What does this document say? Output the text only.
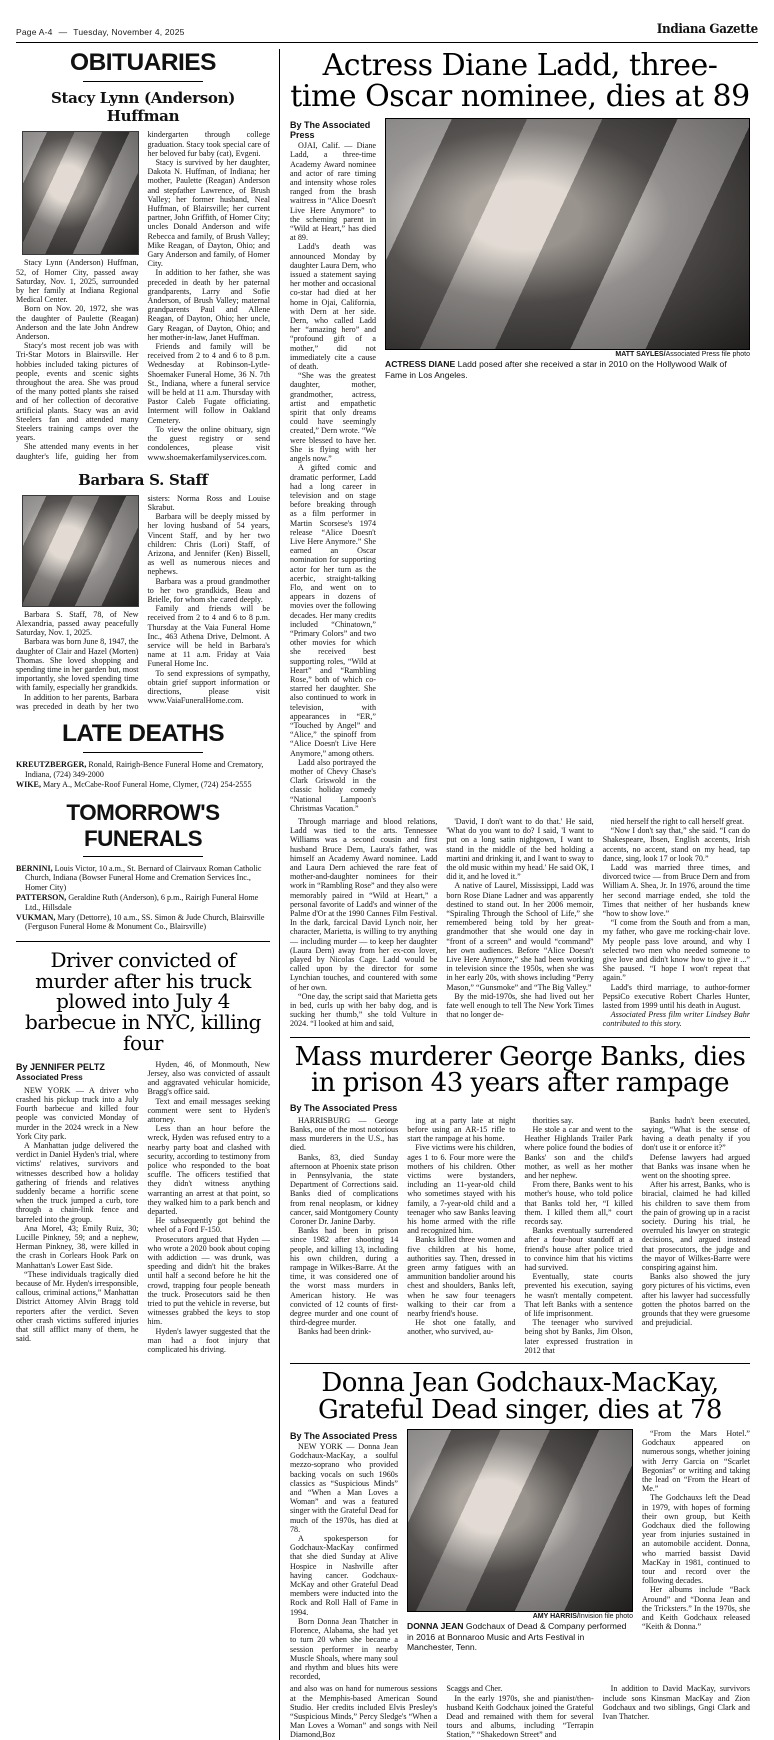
Page A-4 — Tuesday, November 4, 2025	Indiana Gazette
OBITUARIES
Stacy Lynn (Anderson) Huffman

Stacy Lynn (Anderson) Huffman, 52, of Homer City, passed away Saturday, Nov. 1, 2025, surrounded by her family at Indiana Regional Medical Center.

Born on Nov. 20, 1972, she was the daughter of Paulette (Reagan) Anderson and the late John Andrew Anderson.

Stacy's most recent job was with Tri-Star Motors in Blairsville. Her hobbies included taking pictures of people, events and scenic sights throughout the area. She was proud of the many potted plants she raised and of her collection of decorative artificial plants. Stacy was an avid Steelers fan and attended many Steelers training camps over the years.

She attended many events in her daughter's life, guiding her from kindergarten through college graduation. Stacy took special care of her beloved fur baby (cat), Evgeni.

Stacy is survived by her daughter, Dakota N. Huffman, of Indiana; her mother, Paulette (Reagan) Anderson and stepfather Lawrence, of Brush Valley; her former husband, Neal Huffman, of Blairsville; her current partner, John Griffith, of Homer City; uncles Donald Anderson and wife Rebecca and family, of Brush Valley; Mike Reagan, of Dayton, Ohio; and Gary Anderson and family, of Homer City.

In addition to her father, she was preceded in death by her paternal grandparents, Larry and Sofie Anderson, of Brush Valley; maternal grandparents Paul and Allene Reagan, of Dayton, Ohio; her uncle, Gary Reagan, of Dayton, Ohio; and her mother-in-law, Janet Huffman.

Friends and family will be received from 2 to 4 and 6 to 8 p.m. Wednesday at Robinson-Lytle-Shoemaker Funeral Home, 36 N. 7th St., Indiana, where a funeral service will be held at 11 a.m. Thursday with Pastor Caleb Fugate officiating. Interment will follow in Oakland Cemetery.

To view the online obituary, sign the guest registry or send condolences, please visit www.shoemakerfamilyservices.com.

Barbara S. Staff

Barbara S. Staff, 78, of New Alexandria, passed away peacefully Saturday, Nov. 1, 2025.

Barbara was born June 8, 1947, the daughter of Clair and Hazel (Morten) Thomas. She loved shopping and spending time in her garden but, most importantly, she loved spending time with family, especially her grandkids.

In addition to her parents, Barbara was preceded in death by her two sisters: Norma Ross and Louise Skrabut.

Barbara will be deeply missed by her loving husband of 54 years, Vincent Staff, and by her two children: Chris (Lori) Staff, of Arizona, and Jennifer (Ken) Bissell, as well as numerous nieces and nephews.

Barbara was a proud grandmother to her two grandkids, Beau and Brielle, for whom she cared deeply.

Family and friends will be received from 2 to 4 and 6 to 8 p.m. Thursday at the Vaia Funeral Home Inc., 463 Athena Drive, Delmont. A service will be held in Barbara's name at 11 a.m. Friday at Vaia Funeral Home Inc.

To send expressions of sympathy, obtain grief support information or directions, please visit www.VaiaFuneralHome.com.

LATE DEATHS

KREUTZBERGER, Ronald, Rairigh-Bence Funeral Home and Crematory, Indiana, (724) 349-2000

WIKE, Mary A., McCabe-Roof Funeral Home, Clymer, (724) 254-2555

TOMORROW'S FUNERALS

BERNINI, Louis Victor, 10 a.m., St. Bernard of Clairvaux Roman Catholic Church, Indiana (Bowser Funeral Home and Cremation Services Inc., Homer City)

PATTERSON, Geraldine Ruth (Anderson), 6 p.m., Rairigh Funeral Home Ltd., Hillsdale

VUKMAN, Mary (Dettorre), 10 a.m., SS. Simon & Jude Church, Blairsville (Ferguson Funeral Home & Monument Co., Blairsville)

Driver convicted of murder after his truck plowed into July 4 barbecue in NYC, killing four
By JENNIFER PELTZ
Associated Press

NEW YORK — A driver who crashed his pickup truck into a July Fourth barbecue and killed four people was convicted Monday of murder in the 2024 wreck in a New York City park.

A Manhattan judge delivered the verdict in Daniel Hyden's trial, where victims' relatives, survivors and witnesses described how a holiday gathering of friends and relatives suddenly became a horrific scene when the truck jumped a curb, tore through a chain-link fence and barreled into the group.

Ana Morel, 43; Emily Ruiz, 30; Lucille Pinkney, 59; and a nephew, Herman Pinkney, 38, were killed in the crash in Corlears Hook Park on Manhattan's Lower East Side.

“These individuals tragically died because of Mr. Hyden's irresponsible, callous, criminal actions,” Manhattan District Attorney Alvin Bragg told reporters after the verdict. Seven other crash victims suffered injuries that still afflict many of them, he said.

Hyden, 46, of Monmouth, New Jersey, also was convicted of assault and aggravated vehicular homicide, Bragg's office said.

Text and email messages seeking comment were sent to Hyden's attorney.

Less than an hour before the wreck, Hyden was refused entry to a nearby party boat and clashed with security, according to testimony from police who responded to the boat scuffle. The officers testified that they didn't witness anything warranting an arrest at that point, so they walked him to a park bench and departed.

He subsequently got behind the wheel of a Ford F-150.

Prosecutors argued that Hyden — who wrote a 2020 book about coping with addiction — was drunk, was speeding and didn't hit the brakes until half a second before he hit the crowd, trapping four people beneath the truck. Prosecutors said he then tried to put the vehicle in reverse, but witnesses grabbed the keys to stop him.

Hyden's lawyer suggested that the man had a foot injury that complicated his driving.

Actress Diane Ladd, three-time Oscar nominee, dies at 89
By The Associated Press

OJAI, Calif. — Diane Ladd, a three-time Academy Award nominee and actor of rare timing and intensity whose roles ranged from the brash waitress in “Alice Doesn't Live Here Anymore” to the scheming parent in “Wild at Heart,” has died at 89.

Ladd's death was announced Monday by daughter Laura Dern, who issued a statement saying her mother and occasional co-star had died at her home in Ojai, California, with Dern at her side. Dern, who called Ladd her “amazing hero” and “profound gift of a mother,” did not immediately cite a cause of death.

“She was the greatest daughter, mother, grandmother, actress, artist and empathetic spirit that only dreams could have seemingly created,” Dern wrote. “We were blessed to have her. She is flying with her angels now.”

A gifted comic and dramatic performer, Ladd had a long career in television and on stage before breaking through as a film performer in Martin Scorsese's 1974 release “Alice Doesn't Live Here Anymore.” She earned an Oscar nomination for supporting actor for her turn as the acerbic, straight-talking Flo, and went on to appears in dozens of movies over the following decades. Her many credits included “Chinatown,” “Primary Colors” and two other movies for which she received best supporting roles, “Wild at Heart” and “Rambling Rose,” both of which co-starred her daughter. She also continued to work in television, with appearances in “ER,” “Touched by Angel” and “Alice,” the spinoff from “Alice Doesn't Live Here Anymore,” among others.

Ladd also portrayed the mother of Chevy Chase's Clark Griswold in the classic holiday comedy “National Lampoon's Christmas Vacation.”

MATT SAYLES/Associated Press file photo
ACTRESS DIANE Ladd posed after she received a star in 2010 on the Hollywood Walk of Fame in Los Angeles.

Through marriage and blood relations, Ladd was tied to the arts. Tennessee Williams was a second cousin and first husband Bruce Dern, Laura's father, was himself an Academy Award nominee. Ladd and Laura Dern achieved the rare feat of mother-and-daughter nominees for their work in “Rambling Rose” and they also were memorably paired in “Wild at Heart,” a personal favorite of Ladd's and winner of the Palme d'Or at the 1990 Cannes Film Festival. In the dark, farcical David Lynch noir, her character, Marietta, is willing to try anything — including murder — to keep her daughter (Laura Dern) away from her ex-con lover, played by Nicolas Cage. Ladd would be called upon by the director for some Lynchian touches, and countered with some of her own.

“One day, the script said that Marietta gets in bed, curls up with her baby dog, and is sucking her thumb,” she told Vulture in 2024. “I looked at him and said,

'David, I don't want to do that.' He said, 'What do you want to do? I said, 'I want to put on a long satin nightgown, I want to stand in the middle of the bed holding a martini and drinking it, and I want to sway to the old music within my head.' He said OK, I did it, and he loved it.”

A native of Laurel, Mississippi, Ladd was born Rose Diane Ladner and was apparently destined to stand out. In her 2006 memoir, “Spiraling Through the School of Life,” she remembered being told by her great-grandmother that she would one day in “front of a screen” and would “command” her own audiences. Before “Alice Doesn't Live Here Anymore,” she had been working in television since the 1950s, when she was in her early 20s, with shows including “Perry Mason,” “Gunsmoke” and “The Big Valley.”

By the mid-1970s, she had lived out her fate well enough to tell The New York Times that no longer de-

nied herself the right to call herself great.

“Now I don't say that,” she said. “I can do Shakespeare, Ibsen, English accents, Irish accents, no accent, stand on my head, tap dance, sing, look 17 or look 70.”

Ladd was married three times, and divorced twice — from Bruce Dern and from William A. Shea, Jr. In 1976, around the time her second marriage ended, she told the Times that neither of her husbands knew “how to show love.”

“I come from the South and from a man, my father, who gave me rocking-chair love. My people pass love around, and why I selected two men who needed someone to give love and didn't know how to give it ...” She paused. “I hope I won't repeat that again.”

Ladd's third marriage, to author-former PepsiCo executive Robert Charles Hunter, lasted from 1999 until his death in August.

Associated Press film writer Lindsey Bahr contributed to this story.

Mass murderer George Banks, dies in prison 43 years after rampage
By The Associated Press

HARRISBURG — George Banks, one of the most notorious mass murderers in the U.S., has died.

Banks, 83, died Sunday afternoon at Phoenix state prison in Pennsylvania, the state Department of Corrections said. Banks died of complications from renal neoplasm, or kidney cancer, said Montgomery County Coroner Dr. Janine Darby.

Banks had been in prison since 1982 after shooting 14 people, and killing 13, including his own children, during a rampage in Wilkes-Barre. At the time, it was considered one of the worst mass murders in American history. He was convicted of 12 counts of first-degree murder and one count of third-degree murder.

Banks had been drink-

ing at a party late at night before using an AR-15 rifle to start the rampage at his home.

Five victims were his children, ages 1 to 6. Four more were the mothers of his children. Other victims were bystanders, including an 11-year-old child who sometimes stayed with his family, a 7-year-old child and a teenager who saw Banks leaving his home armed with the rifle and recognized him.

Banks killed three women and five children at his home, authorities say. Then, dressed in green army fatigues with an ammunition bandolier around his chest and shoulders, Banks left, when he saw four teenagers walking to their car from a nearby friend's house.

He shot one fatally, and another, who survived, au-

thorities say.

He stole a car and went to the Heather Highlands Trailer Park where police found the bodies of Banks' son and the child's mother, as well as her mother and her nephew.

From there, Banks went to his mother's house, who told police that Banks told her, “I killed them. I killed them all,” court records say.

Banks eventually surrendered after a four-hour standoff at a friend's house after police tried to convince him that his victims had survived.

Eventually, state courts prevented his execution, saying he wasn't mentally competent. That left Banks with a sentence of life imprisonment.

The teenager who survived being shot by Banks, Jim Olson, later expressed frustration in 2012 that

Banks hadn't been executed, saying, “What is the sense of having a death penalty if you don't use it or enforce it?”

Defense lawyers had argued that Banks was insane when he went on the shooting spree.

After his arrest, Banks, who is biracial, claimed he had killed his children to save them from the pain of growing up in a racist society. During his trial, he overruled his lawyer on strategic decisions, and argued instead that prosecutors, the judge and the mayor of Wilkes-Barre were conspiring against him.

Banks also showed the jury gory pictures of his victims, even after his lawyer had successfully gotten the photos barred on the grounds that they were gruesome and prejudicial.

Donna Jean Godchaux-MacKay, Grateful Dead singer, dies at 78
By The Associated Press

NEW YORK — Donna Jean Godchaux-MacKay, a soulful mezzo-soprano who provided backing vocals on such 1960s classics as “Suspicious Minds” and “When a Man Loves a Woman” and was a featured singer with the Grateful Dead for much of the 1970s, has died at 78.

A spokesperson for Godchaux-MacKay confirmed that she died Sunday at Alive Hospice in Nashville after having cancer. Godchaux-McKay and other Grateful Dead members were inducted into the Rock and Roll Hall of Fame in 1994.

Born Donna Jean Thatcher in Florence, Alabama, she had yet to turn 20 when she became a session performer in nearby Muscle Shoals, where many soul and rhythm and blues hits were recorded,

AMY HARRIS/Invision file photo
DONNA JEAN Godchaux of Dead & Company performed in 2016 at Bonnaroo Music and Arts Festival in Manchester, Tenn.

“From the Mars Hotel.” Godchaux appeared on numerous songs, whether joining with Jerry Garcia on “Scarlet Begonias” or writing and taking the lead on “From the Heart of Me.”

The Godchauxs left the Dead in 1979, with hopes of forming their own group, but Keith Godchaux died the following year from injuries sustained in an automobile accident. Donna, who married bassist David MacKay in 1981, continued to tour and record over the following decades.

Her albums include “Back Around” and “Donna Jean and the Tricksters.” In the 1970s, she and Keith Godchaux released “Keith & Donna.”

and also was on hand for numerous sessions at the Memphis-based American Sound Studio. Her credits included Elvis Presley's “Suspicious Minds,” Percy Sledge's “When a Man Loves a Woman” and songs with Neil Diamond,Boz

Scaggs and Cher.

In the early 1970s, she and pianist/then-husband Keith Godchaux joined the Grateful Dead and remained with them for several tours and albums, including “Terrapin Station,” “Shakedown Street” and

In addition to David MacKay, survivors include sons Kinsman MacKay and Zion Godchaux and two siblings, Gngi Clark and Ivan Thatcher.
